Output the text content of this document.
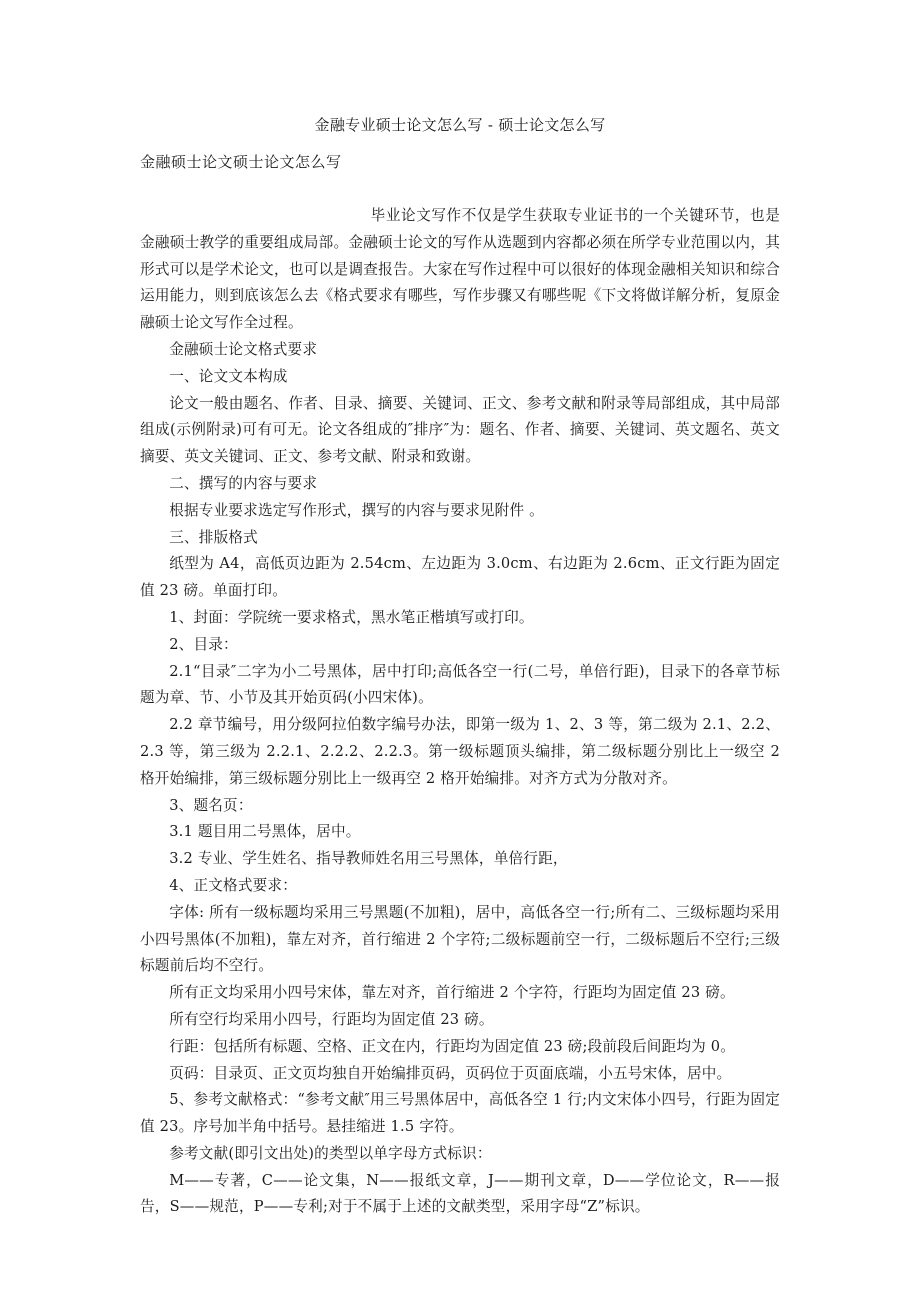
金融专业硕士论文怎么写 - 硕士论文怎么写
金融硕士论文硕士论文怎么写

毕业论文写作不仅是学生获取专业证书的一个关键环节，也是金融硕士教学的重要组成局部。金融硕士论文的写作从选题到内容都必须在所学专业范围以内，其形式可以是学术论文，也可以是调查报告。大家在写作过程中可以很好的体现金融相关知识和综合运用能力，则到底该怎么去《格式要求有哪些，写作步骤又有哪些呢《下文将做详解分析，复原金融硕士论文写作全过程。

金融硕士论文格式要求

一、论文文本构成

论文一般由题名、作者、目录、摘要、关键词、正文、参考文献和附录等局部组成，其中局部组成(示例附录)可有可无。论文各组成的″排序″为：题名、作者、摘要、关键词、英文题名、英文摘要、英文关键词、正文、参考文献、附录和致谢。

二、撰写的内容与要求

根据专业要求选定写作形式，撰写的内容与要求见附件 。

三、排版格式

纸型为 A4，高低页边距为 2.54cm、左边距为 3.0cm、右边距为 2.6cm、正文行距为固定值 23 磅。单面打印。

1、封面：学院统一要求格式，黑水笔正楷填写或打印。

2、目录：

2.1“目录″二字为小二号黑体，居中打印;高低各空一行(二号，单倍行距)，目录下的各章节标题为章、节、小节及其开始页码(小四宋体)。

2.2 章节编号，用分级阿拉伯数字编号办法，即第一级为 1、2、3 等，第二级为 2.1、2.2、2.3 等，第三级为 2.2.1、2.2.2、2.2.3。第一级标题顶头编排，第二级标题分别比上一级空 2 格开始编排，第三级标题分别比上一级再空 2 格开始编排。对齐方式为分散对齐。

3、题名页：

3.1 题目用二号黑体，居中。

3.2 专业、学生姓名、指导教师姓名用三号黑体，单倍行距，

4、正文格式要求：

字体: 所有一级标题均采用三号黑题(不加粗)，居中，高低各空一行;所有二、三级标题均采用小四号黑体(不加粗)，靠左对齐，首行缩进 2 个字符;二级标题前空一行，二级标题后不空行;三级标题前后均不空行。

所有正文均采用小四号宋体，靠左对齐，首行缩进 2 个字符，行距均为固定值 23 磅。

所有空行均采用小四号，行距均为固定值 23 磅。

行距：包括所有标题、空格、正文在内，行距均为固定值 23 磅;段前段后间距均为 0。

页码：目录页、正文页均独自开始编排页码，页码位于页面底端，小五号宋体，居中。

5、参考文献格式：“参考文献″用三号黑体居中，高低各空 1 行;内文宋体小四号，行距为固定值 23。序号加半角中括号。悬挂缩进 1.5 字符。

参考文献(即引文出处)的类型以单字母方式标识：

M——专著，C——论文集，N——报纸文章，J——期刊文章，D——学位论文，R——报告，S——规范，P——专利;对于不属于上述的文献类型，采用字母“Z”标识。
